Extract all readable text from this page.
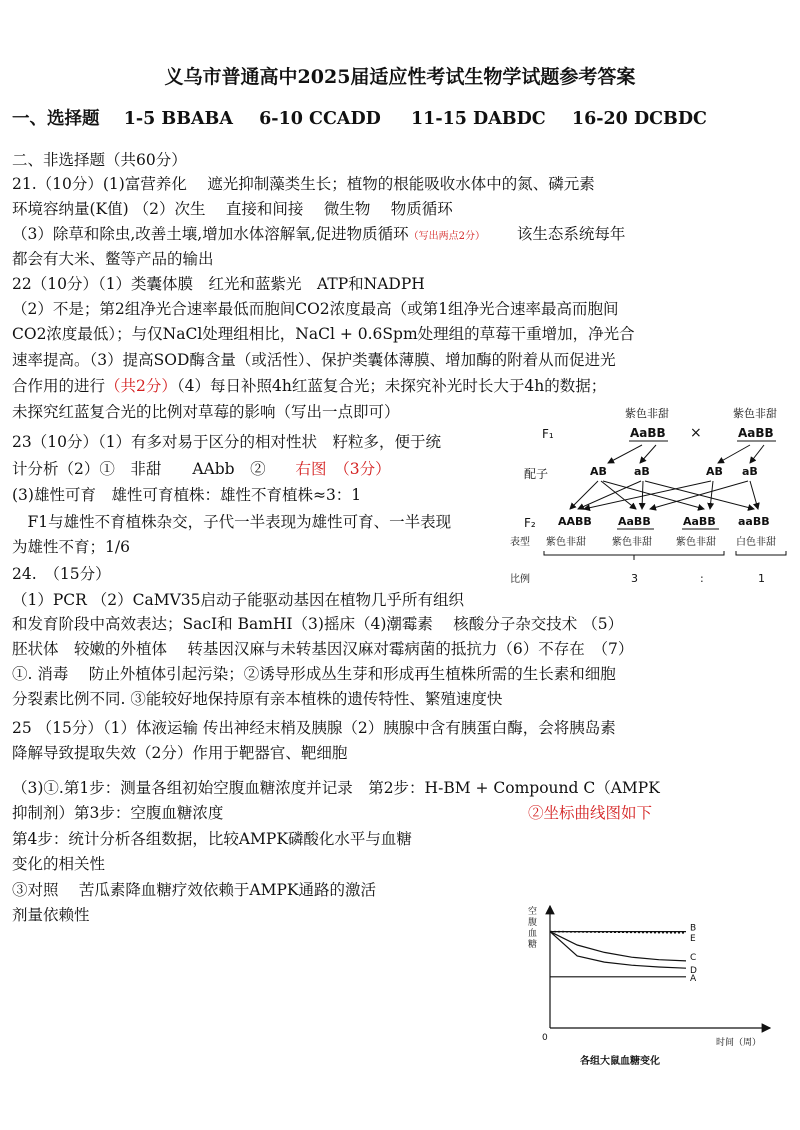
义乌市普通高中2025届适应性考试生物学试题参考答案
一、选择题 1-5 BBABA 6-10 CCADD 11-15 DABDC 16-20 DCBDC
二、非选择题（共60分）
21.（10分）(1)富营养化　 遮光抑制藻类生长；植物的根能吸收水体中的氮、磷元素
环境容纳量(K值) （2）次生　 直接和间接　 微生物　 物质循环
（3）除草和除虫,改善土壤,增加水体溶解氧,促进物质循环（写出两点2分） 该生态系统每年
都会有大米、鳖等产品的输出
22（10分）（1）类囊体膜　红光和蓝紫光　ATP和NADPH
（2）不是；第2组净光合速率最低而胞间CO2浓度最高（或第1组净光合速率最高而胞间
CO2浓度最低）；与仅NaCl处理组相比，NaCl + 0.6Spm处理组的草莓干重增加，净光合
速率提高。（3）提高SOD酶含量（或活性）、保护类囊体薄膜、增加酶的附着从而促进光
合作用的进行（共2分）（4）每日补照4h红蓝复合光；未探究补光时长大于4h的数据；
未探究红蓝复合光的比例对草莓的影响（写出一点即可）
23（10分）（1）有多对易于区分的相对性状　籽粒多，便于统
计分析（2）①　非甜　　AAbb　② 右图　（3分）
(3)雄性可育　雄性可育植株：雄性不育植株≈3：1
　F1与雄性不育植株杂交，子代一半表现为雄性可育、一半表现
为雄性不育；1/6
紫色非甜	紫色非甜
F₁	AaBB ×	AaBB
配子	AB aB	AB aB
F₂ AABB AaBB	AaBB aaBB
表型 紫色非甜	紫色非甜 紫色非甜 白色非甜
比例	3	:	1
24.　（15分）
（1）PCR （2）CaMV35启动子能驱动基因在植物几乎所有组织
和发育阶段中高效表达；SacⅠ和 BamHⅠ（3)摇床（4)潮霉素　 核酸分子杂交技术 （5）
胚状体　较嫩的外植体　 转基因汉麻与未转基因汉麻对霉病菌的抵抗力（6）不存在　（7）
①. 消毒　 防止外植体引起污染；②诱导形成丛生芽和形成再生植株所需的生长素和细胞
分裂素比例不同. ③能较好地保持原有亲本植株的遗传特性、繁殖速度快
25 （15分）（1）体液运输 传出神经末梢及胰腺（2）胰腺中含有胰蛋白酶，会将胰岛素
降解导致提取失效（2分）作用于靶器官、靶细胞
（3)①.第1步：测量各组初始空腹血糖浓度并记录　第2步：H-BM + Compound C（AMPK
抑制剂）第3步：空腹血糖浓度	②坐标曲线图如下
第4步：统计分析各组数据，比较AMPK磷酸化水平与血糖
变化的相关性
③对照　 苦瓜素降血糖疗效依赖于AMPK通路的激活
剂量依赖性	空腹血糖
0	时间（周）
各组大鼠血糖变化
B
E
C
D
A
